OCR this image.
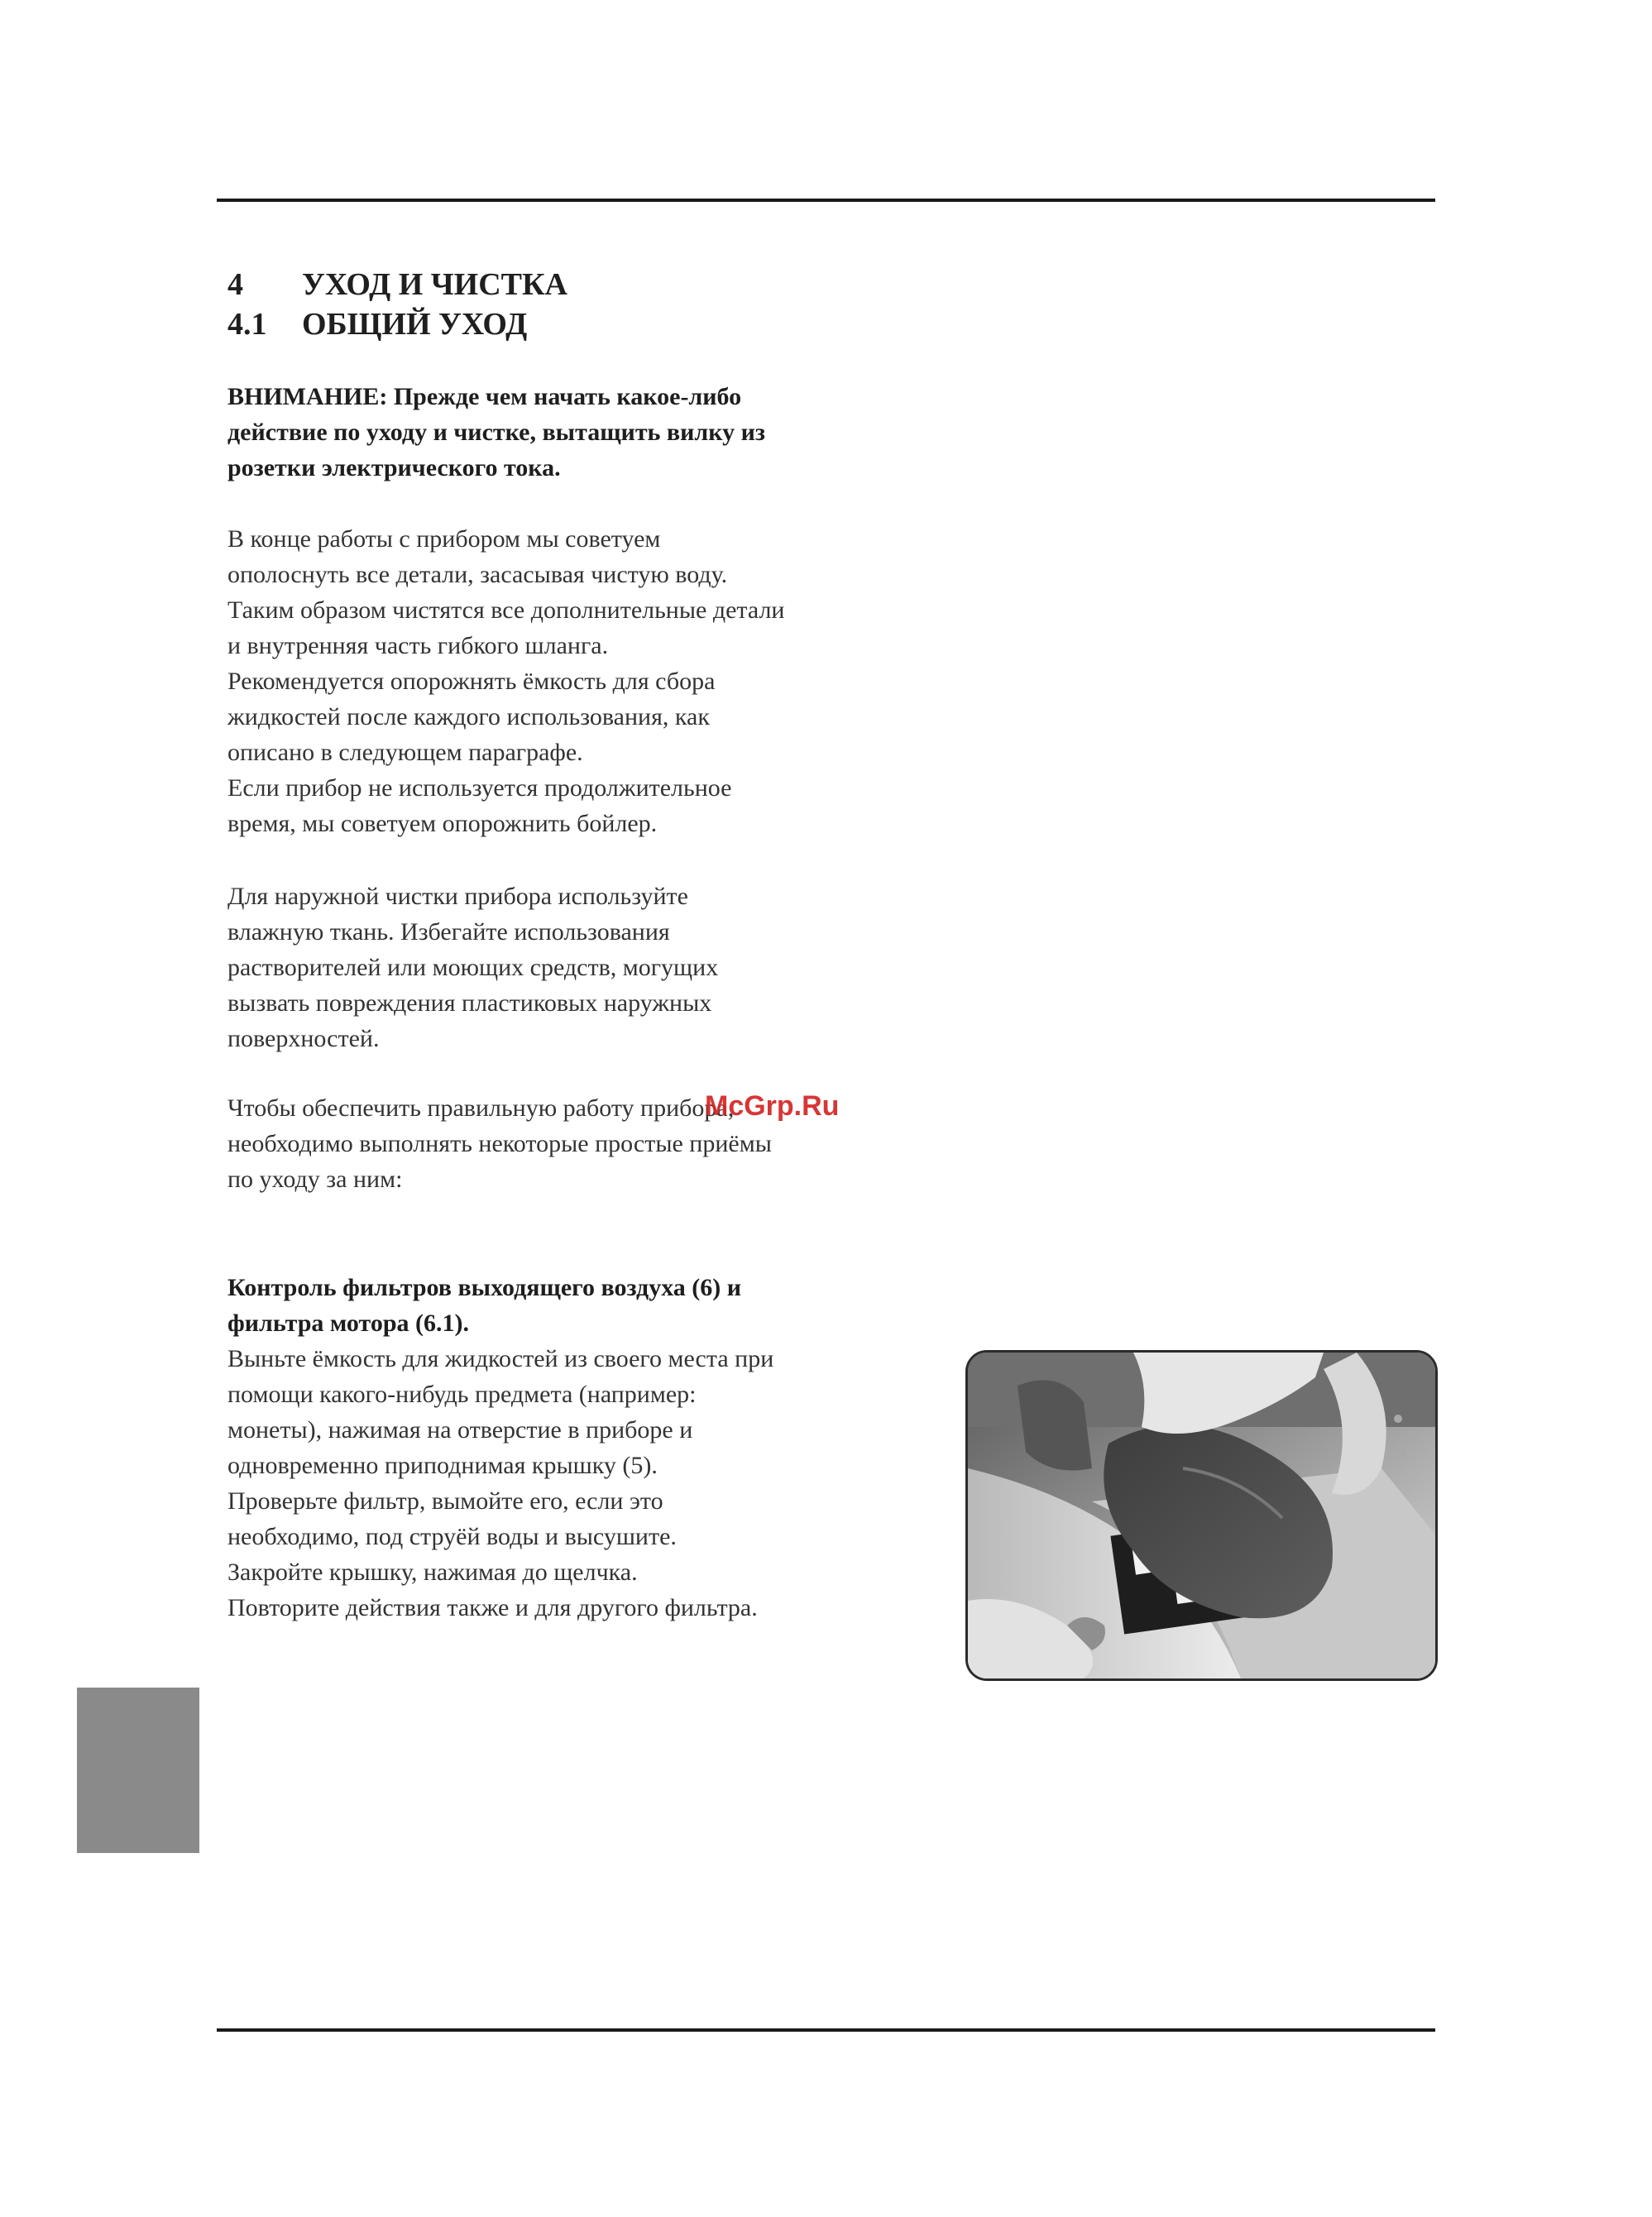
4 УХОД И ЧИСТКА
4.1 ОБЩИЙ УХОД

ВНИМАНИЕ: Прежде чем начать какое-либо
действие по уходу и чистке, вытащить вилку из
розетки электрического тока.

В конце работы с прибором мы советуем
ополоснуть все детали, засасывая чистую воду.
Таким образом чистятся все дополнительные детали
и внутренняя часть гибкого шланга.
Рекомендуется опорожнять ёмкость для сбора
жидкостей после каждого использования, как
описано в следующем параграфе.
Если прибор не используется продолжительное
время, мы советуем опорожнить бойлер.

Для наружной чистки прибора используйте
влажную ткань. Избегайте использования
растворителей или моющих средств, могущих
вызвать повреждения пластиковых наружных
поверхностей.

Чтобы обеспечить правильную работу прибора,
необходимо выполнять некоторые простые приёмы
по уходу за ним:

McGrp.Ru

Контроль фильтров выходящего воздуха (6) и
фильтра мотора (6.1).

Выньте ёмкость для жидкостей из своего места при
помощи какого-нибудь предмета (например:
монеты), нажимая на отверстие в приборе и
одновременно приподнимая крышку (5).
Проверьте фильтр, вымойте его, если это
необходимо, под струёй воды и высушите.
Закройте крышку, нажимая до щелчка.
Повторите действия также и для другого фильтра.
